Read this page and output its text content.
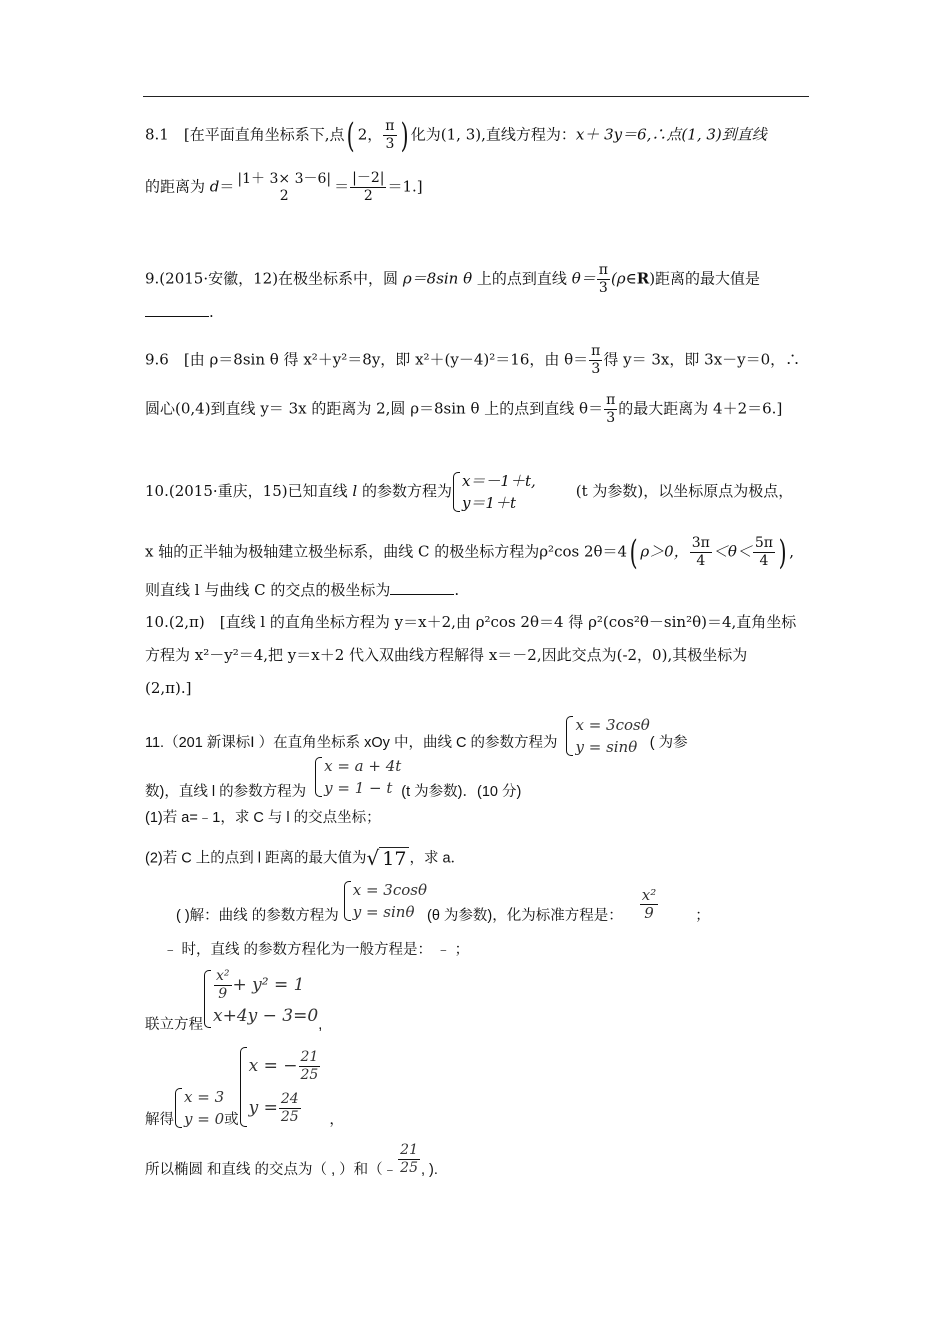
8.1　[在平面直角坐标系下,点( 2， $\frac{\pi}{3}$ ) 化为(1, 3),直线方程为：x＋ 3y＝6,∴点(1, 3)到直线
的距离为 d＝ |1＋ 3× 3－6|
2	＝ $\frac{|-2|}{2} =1$.]
9.(2015·安徽，12)在极坐标系中，圆 ρ＝8sin θ 上的点到直线 $\theta= \frac{\pi}{3}$ (ρ∈R)距离的最大值是
.
9.6　[由 ρ＝8sin θ 得 x²＋y²＝8y，即 x²＋(y－4)²＝16，由 $\theta= \frac{\pi}{3}$ 得 y＝ 3x，即 3x－y＝0，∴
圆心(0,4)到直线 y＝ 3x 的距离为 2,圆 ρ＝8sin θ 上的点到直线 $\theta= \frac{\pi}{3}$ 的最大距离为 4＋2＝6.]
10.(2015·重庆，15)已知直线 l 的参数方程为
x＝－1＋t,
y＝1＋t
(t 为参数)，以坐标原点为极点，
x 轴的正半轴为极轴建立极坐标系，曲线 C 的极坐标方程为ρ²cos 2θ＝4( ρ＞0， $\frac{3\pi}{4} <\theta< \frac{5\pi}{4}$ ) ,
则直线 l 与曲线 C 的交点的极坐标为	.
10.(2,π)　[直线 l 的直角坐标方程为 y＝x＋2,由 ρ²cos 2θ＝4 得 ρ²(cos²θ－sin²θ)＝4,直角坐标
方程为 x²－y²＝4,把 y＝x＋2 代入双曲线方程解得 x＝－2,因此交点为(-2，0),其极坐标为
(2,π).]
11.（201 新课标Ⅰ ）在直角坐标系 xOy 中，曲线 C 的参数方程为
x = 3cosθ
y = sinθ ( 为参
数)，直线 l 的参数方程为
x = a + 4t
y = 1 − t (t 为参数)．(10 分)
(1)若 a=﹣1，求 C 与 l 的交点坐标；
(2)若 C 上的点到 l 距离的最大值为√ 17 ，求 a．
( )解：曲线 的参数方程为
x = 3cosθ
y = sinθ (θ 为参数)，化为标准方程是： $\frac{\text{x²}}{9}$	；
﹣ 时，直线 的参数方程化为一般方程是： ﹣ ；
联立方程
$\frac{\text{x²}}{9} + y^2 = 1$
x+4y − 3=0 ,
解得
x = 3
y = 0 或
x = − $\frac{21}{25}$
$y = \frac{24}{25}$ ，
所以椭圆 和直线 的交点为（ , ）和（﹣ $\frac{21}{25}$ , ).
